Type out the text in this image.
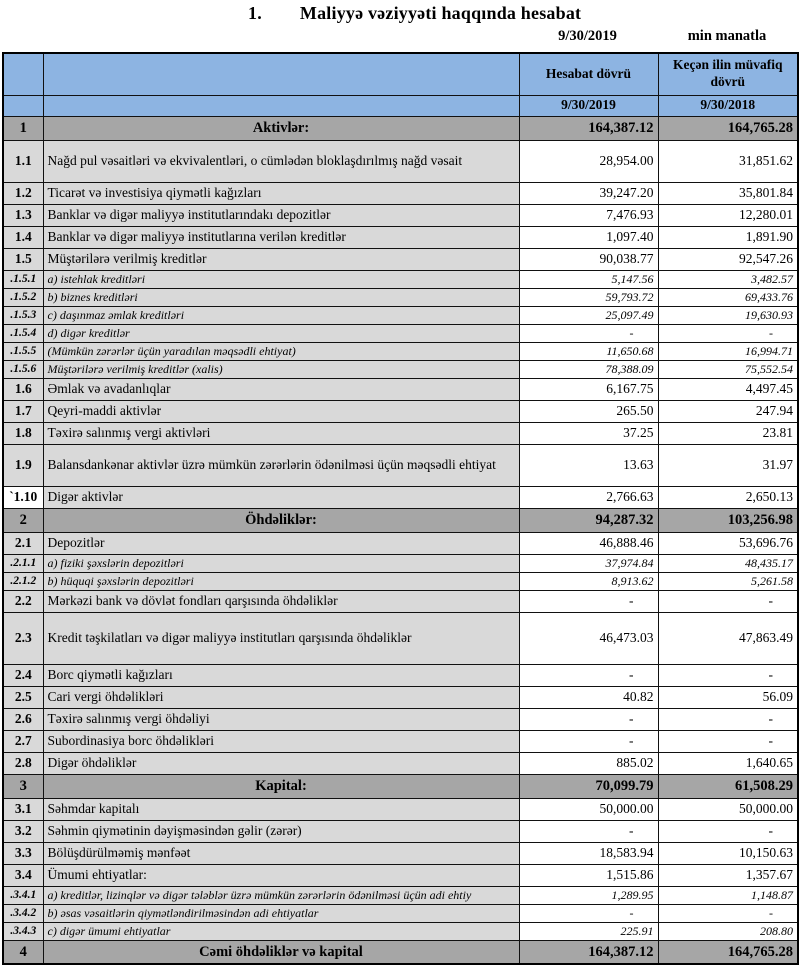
1. Maliyyə vəziyyəti haqqında hesabat
9/30/2019	min manatla
		Hesabat dövrü	Keçən ilin müvafiq dövrü
		9/30/2019	9/30/2018
1	Aktivlər:	164,387.12	164,765.28
1.1	Nağd pul vəsaitləri və ekvivalentləri, o cümlədən bloklaşdırılmış nağd vəsait	28,954.00	31,851.62
1.2	Ticarət və investisiya qiymətli kağızları	39,247.20	35,801.84
1.3	Banklar və digər maliyyə institutlarındakı depozitlər	7,476.93	12,280.01
1.4	Banklar və digər maliyyə institutlarına verilən kreditlər	1,097.40	1,891.90
1.5	Müştərilərə verilmiş kreditlər	90,038.77	92,547.26
.1.5.1	a) istehlak kreditləri	5,147.56	3,482.57
.1.5.2	b) biznes kreditləri	59,793.72	69,433.76
.1.5.3	c) daşınmaz əmlak kreditləri	25,097.49	19,630.93
.1.5.4	d) digər kreditlər	-	-
.1.5.5	(Mümkün zərərlər üçün yaradılan məqsədli ehtiyat)	11,650.68	16,994.71
.1.5.6	Müştərilərə verilmiş kreditlər (xalis)	78,388.09	75,552.54
1.6	Əmlak və avadanlıqlar	6,167.75	4,497.45
1.7	Qeyri-maddi aktivlər	265.50	247.94
1.8	Təxirə salınmış vergi aktivləri	37.25	23.81
1.9	Balansdankənar aktivlər üzrə mümkün zərərlərin ödənilməsi üçün məqsədli ehtiyat	13.63	31.97
`1.10	Digər aktivlər	2,766.63	2,650.13
2	Öhdəliklər:	94,287.32	103,256.98
2.1	Depozitlər	46,888.46	53,696.76
.2.1.1	a) fiziki şəxslərin depozitləri	37,974.84	48,435.17
.2.1.2	b) hüquqi şəxslərin depozitləri	8,913.62	5,261.58
2.2	Mərkəzi bank və dövlət fondları qarşısında öhdəliklər	-	-
2.3	Kredit təşkilatları və digər maliyyə institutları qarşısında öhdəliklər	46,473.03	47,863.49
2.4	Borc qiymətli kağızları	-	-
2.5	Cari vergi öhdəlikləri	40.82	56.09
2.6	Təxirə salınmış vergi öhdəliyi	-	-
2.7	Subordinasiya borc öhdəlikləri	-	-
2.8	Digər öhdəliklər	885.02	1,640.65
3	Kapital:	70,099.79	61,508.29
3.1	Səhmdar kapitalı	50,000.00	50,000.00
3.2	Səhmin qiymətinin dəyişməsindən gəlir (zərər)	-	-
3.3	Bölüşdürülməmiş mənfəət	18,583.94	10,150.63
3.4	Ümumi ehtiyatlar:	1,515.86	1,357.67
.3.4.1	a) kreditlər, lizinqlər və digər tələblər üzrə mümkün zərərlərin ödənilməsi üçün adi ehtiy	1,289.95	1,148.87
.3.4.2	b) əsas vəsaitlərin qiymətləndirilməsindən adi ehtiyatlar	-	-
.3.4.3	c) digər ümumi ehtiyatlar	225.91	208.80
4	Cəmi öhdəliklər və kapital	164,387.12	164,765.28
